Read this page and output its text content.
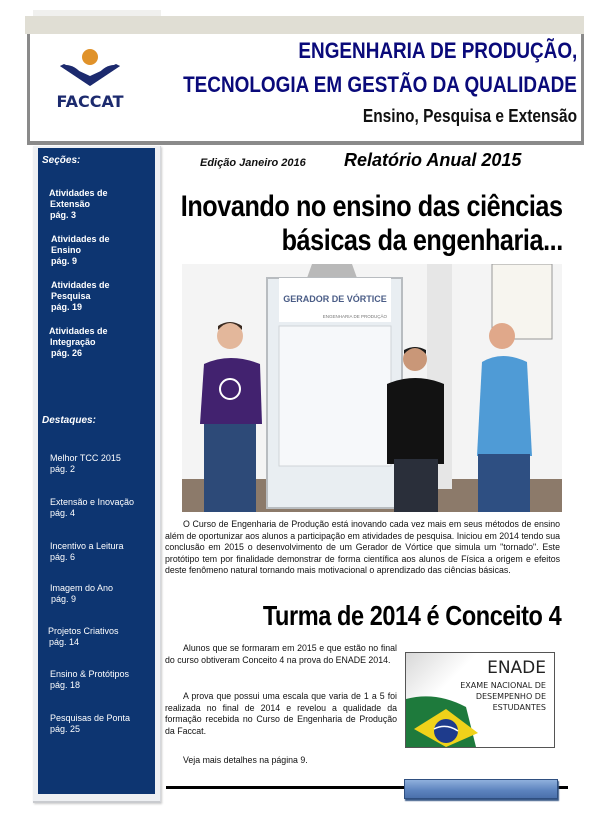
FACCAT
ENGENHARIA DE PRODUÇÃO,
TECNOLOGIA EM GESTÃO DA QUALIDADE
Ensino, Pesquisa e Extensão
Seções:
Atividades de
Extensão
pág. 3
Atividades de
Ensino
pág. 9
Atividades de
Pesquisa
pág. 19
Atividades de
Integração
pág. 26
Destaques:
Melhor TCC 2015
pág. 2
Extensão e Inovação
pág. 4
Incentivo a Leitura
pág. 6
Imagem do Ano
pág. 9
Projetos Criativos
pág. 14
Ensino & Protótipos
pág. 18
Pesquisas de Ponta
pág. 25
Edição Janeiro 2016 Relatório Anual 2015
Inovando no ensino das ciências
básicas da engenharia...
GERADOR DE VÓRTICE
ENGENHARIA DE PRODUÇÃO
O Curso de Engenharia de Produção está inovando cada vez mais em seus métodos de ensino além de oportunizar aos alunos a participação em atividades de pesquisa. Iniciou em 2014 tendo sua conclusão em 2015 o desenvolvimento de um Gerador de Vórtice que simula um "tornado". Este protótipo tem por finalidade demonstrar de forma científica aos alunos de Física a origem e efeitos deste fenômeno natural tornando mais motivacional o aprendizado das ciências básicas.
Turma de 2014 é Conceito 4
Alunos que se formaram em 2015 e que estão no final do curso obtiveram Conceito 4 na prova do ENADE 2014.
A prova que possui uma escala que varia de 1 a 5 foi realizada no final de 2014 e revelou a qualidade da formação recebida no Curso de Engenharia de Produção da Faccat.
Veja mais detalhes na página 9.
ENADE
EXAME NACIONAL DE DESEMPENHO DE ESTUDANTES
